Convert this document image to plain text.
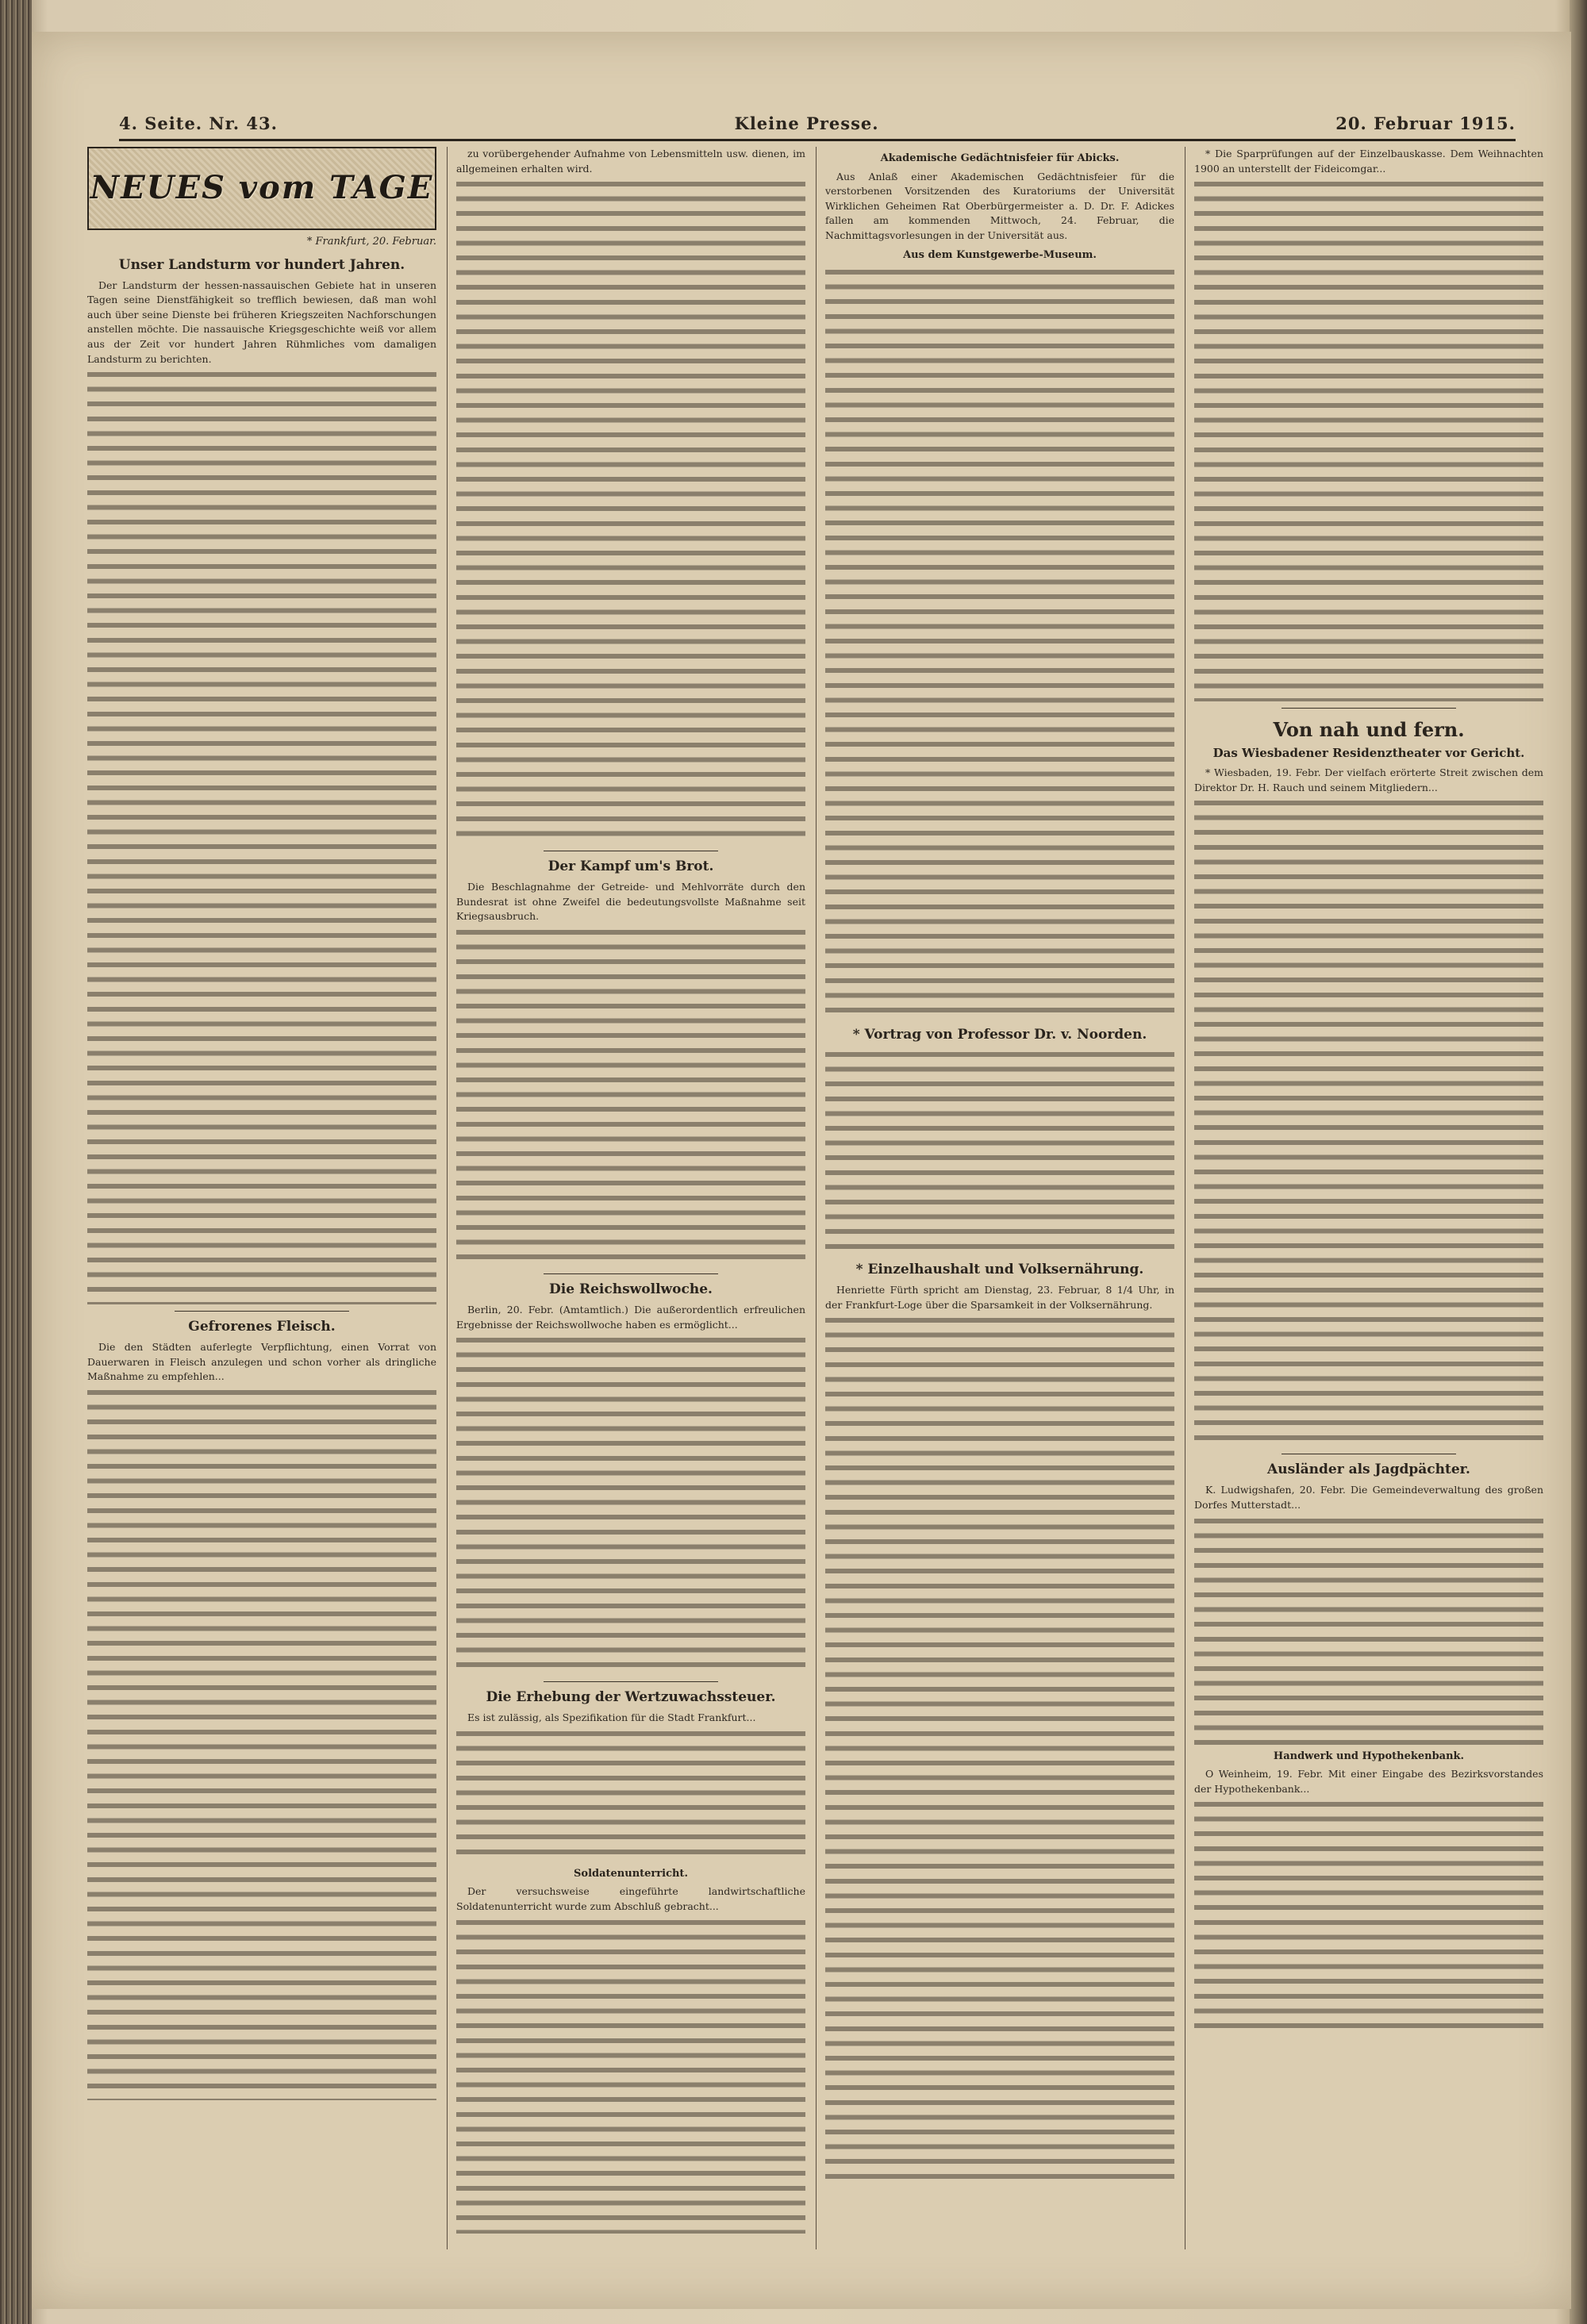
4. Seite. Nr. 43.	Kleine Presse.	20. Februar 1915.
NEUES vom TAGE
* Frankfurt, 20. Februar.
Unser Landsturm vor hundert Jahren.

Der Landsturm der hessen-nassauischen Gebiete hat in unseren Tagen seine Dienstfähigkeit so trefflich bewiesen, daß man wohl auch über seine Dienste bei früheren Kriegszeiten Nachforschungen anstellen möchte. Die nassauische Kriegsgeschichte weiß vor allem aus der Zeit vor hundert Jahren Rühmliches vom damaligen Landsturm zu berichten.

Gefrorenes Fleisch.

Die den Städten auferlegte Verpflichtung, einen Vorrat von Dauerwaren in Fleisch anzulegen und schon vorher als dringliche Maßnahme zu empfehlen...

zu vorübergehender Aufnahme von Lebensmitteln usw. dienen, im allgemeinen erhalten wird.

Der Kampf um's Brot.

Die Beschlagnahme der Getreide- und Mehlvorräte durch den Bundesrat ist ohne Zweifel die bedeutungsvollste Maßnahme seit Kriegsausbruch.

Die Reichswollwoche.

Berlin, 20. Febr. (Amtamtlich.) Die außerordentlich erfreulichen Ergebnisse der Reichswollwoche haben es ermöglicht...

Die Erhebung der Wertzuwachssteuer.

Es ist zulässig, als Spezifikation für die Stadt Frankfurt...

Soldatenunterricht.

Der versuchsweise eingeführte landwirtschaftliche Soldatenunterricht wurde zum Abschluß gebracht...

Akademische Gedächtnisfeier für Abicks.

Aus Anlaß einer Akademischen Gedächtnisfeier für die verstorbenen Vorsitzenden des Kuratoriums der Universität Wirklichen Geheimen Rat Oberbürgermeister a. D. Dr. F. Adickes fallen am kommenden Mittwoch, 24. Februar, die Nachmittagsvorlesungen in der Universität aus.

Aus dem Kunstgewerbe-Museum.
* Vortrag von Professor Dr. v. Noorden.
* Einzelhaushalt und Volksernährung.

Henriette Fürth spricht am Dienstag, 23. Februar, 8 1/4 Uhr, in der Frankfurt-Loge über die Sparsamkeit in der Volksernährung.

* Die Sparprüfungen auf der Einzelbauskasse. Dem Weihnachten 1900 an unterstellt der Fideicomgar...

Von nah und fern.
Das Wiesbadener Residenztheater vor Gericht.

* Wiesbaden, 19. Febr. Der vielfach erörterte Streit zwischen dem Direktor Dr. H. Rauch und seinem Mitgliedern...

Ausländer als Jagdpächter.

K. Ludwigshafen, 20. Febr. Die Gemeindeverwaltung des großen Dorfes Mutterstadt...

Handwerk und Hypothekenbank.

O Weinheim, 19. Febr. Mit einer Eingabe des Bezirksvorstandes der Hypothekenbank...
